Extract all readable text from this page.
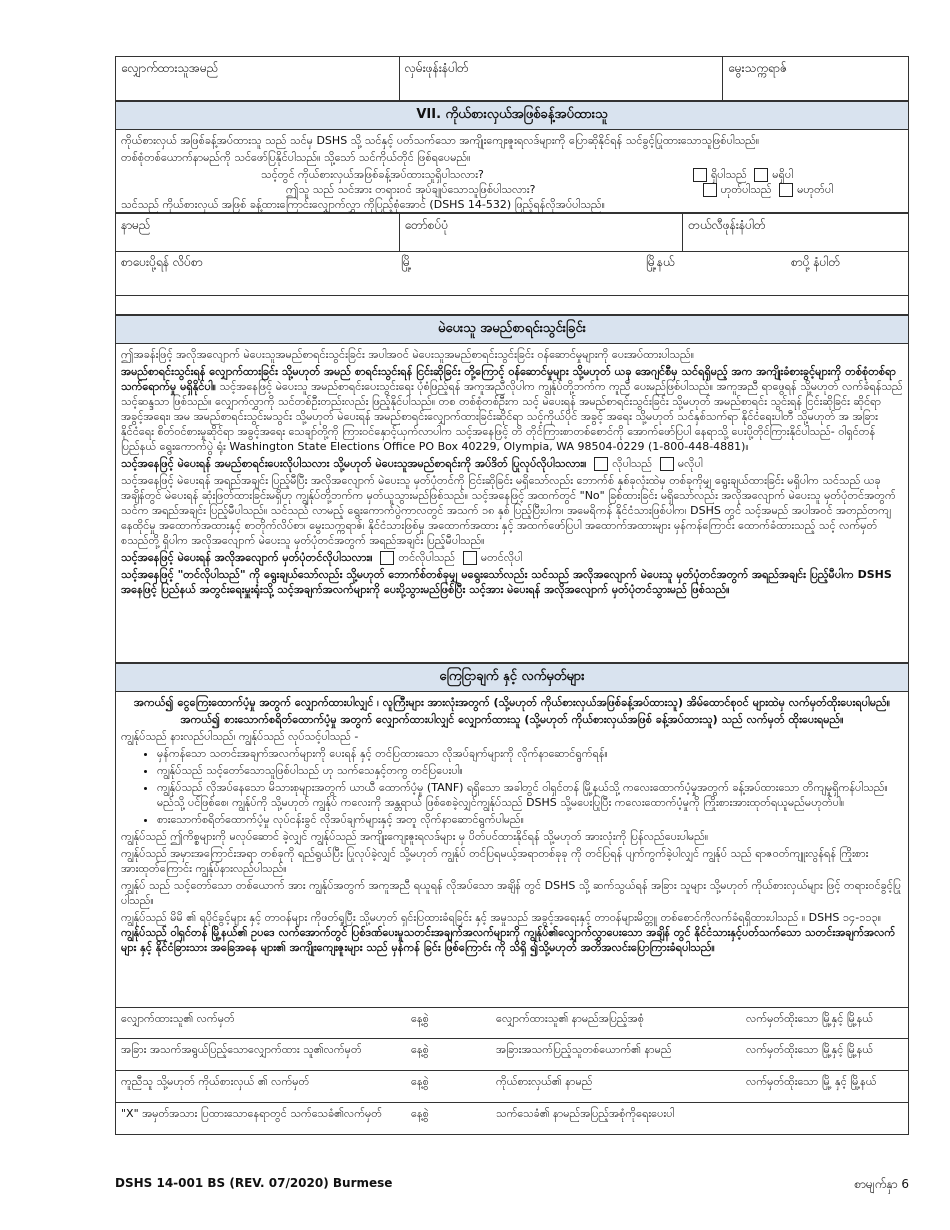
လျှောက်ထားသူအမည်	လှမ်းဖုန်းနံပါတ်	မွေးသက္ကရာဇ်
VII. ကိုယ်စားလှယ်အဖြစ်ခန့်အပ်ထားသူ

ကိုယ်စားလှယ် အဖြစ်ခန့်အပ်ထားသူ သည် သင်မှ DSHS သို့ သင်နှင့် ပတ်သက်သော အကျိုးကျေးဇူးရလဒ်များကို ပြောဆိုနိုင်ရန် သင်ခွင့်ပြုထားသောသူဖြစ်ပါသည်။

တစ်စုံတစ်ယောက်နာမည်ကို သင်ဖော်ပြနိုင်ပါသည်။ သို့သော် သင်ကိုယ်တိုင် ဖြစ်ရပေမည်။

သင့်တွင် ကိုယ်စားလှယ်အဖြစ်ခန့်အပ်ထားသူရှိပါသလား?	ရှိပါသည် မရှိပါ
ဤသူ သည် သင်အား တရားဝင် အုပ်ချုပ်သောသူဖြစ်ပါသလား?	ဟုတ်ပါသည် မဟုတ်ပါ

သင်သည် ကိုယ်စားလှယ် အဖြစ် ခန့်ထားကြောင်းလျှောက်လွှာ ကိုပြည့်စုံအောင် (DSHS 14-532) ဖြည့်ရန်လိုအပ်ပါသည်။

နာမည်	တော်စပ်ပုံ	တယ်လီဖုန်းနံပါတ်
စာပေးပို့ရန် လိပ်စာ	မြို့	မြို့နယ်	စာပို့ နံပါတ်
မဲပေးသူ အမည်စာရင်းသွင်းခြင်း

ဤအခန်းဖြင့် အလိုအလျောက် မဲပေးသူအမည်စာရင်းသွင်းခြင်း အပါအဝင် မဲပေးသူအမည်စာရင်းသွင်းခြင်း ဝန်ဆောင်မှုများကို ပေးအပ်ထားပါသည်။

အမည်စာရင်းသွင်းရန် လျှောက်ထားခြင်း သို့မဟုတ် အမည် စာရင်းသွင်းရန် ငြင်းဆိုခြင်း တို့ကြောင့် ဝန်ဆောင်မှုများ သို့မဟုတ် ယခု အေဂျင်စီမှ သင်ရရှိမည့် အက အကျိုးခံစားခွင့်များကို တစ်စုံတစ်ရာ သက်ရောက်မှု မရှိနိုင်ပါ။ သင့်အနေဖြင့် မဲပေးသူ အမည်စာရင်းပေးသွင်းရေး ပုံစံဖြည့်ရန် အကူအညီလိုပါက ကျွန်ုပ်တို့ဘက်က ကူညီ ပေးမည်ဖြစ်ပါသည်။ အကူအညီ ရာဖွေရန် သို့မဟုတ် လက်ခံရန်သည် သင့်ဆန္ဒသာ ဖြစ်သည်။ လျှောက်လွှာကို သင်တစ်ဦးတည်းလည်း ဖြည့်နိုင်ပါသည်။ တစ တစ်စုံတစ်ဦးက သင့် မဲပေးရန် အမည်စာရင်းသွင်းခြင်း သို့မဟုတ် အမည်စာရင်း သွင်းရန် ငြင်းဆိုခြင်း ဆိုင်ရာ အခွင့်အရေး၊ အမ အမည်စာရင်းသွင်းမသွင်း သို့မဟုတ် မဲပေးရန် အမည်စာရင်းလျှောက်ထားခြင်းဆိုင်ရာ သင့်ကိုယ်ပိုင် အခွင့် အရေး သို့မဟုတ် သင်နှစ်သက်ရာ နိုင်ငံရေးပါတီ သို့မဟုတ် အ အခြား နိုင်ငံရေး စိတ်ဝင်စားမှုဆိုင်ရာ အခွင့်အရေး သေချာ်တို့ကို ကြားဝင်နှောင့်ယှက်လာပါက သင့်အနေဖြင့် တိ တိုင်ကြားစာတစ်စောင်ကို အောက်ဖော်ပြပါ နေရာသို့ ပေးပို့တိုင်ကြားနိုင်ပါသည်- ဝါရှင်တန် ပြည်နယ် ရွေးကောက်ပွဲ ရုံး Washington State Elections Office PO Box 40229, Olympia, WA 98504-0229 (1-800-448-4881)။

သင့်အနေဖြင့် မဲပေးရန် အမည်စာရင်းပေးလိုပါသလား သို့မဟုတ် မဲပေးသူအမည်စာရင်းကို အပ်ဒိတ် ပြုလုပ်လိုပါသလား။ လိုပါသည် မလိုပါ

သင့်အနေဖြင့် မဲပေးရန် အရည်အချင်း ပြည့်မီပြီး အလိုအလျောက် မဲပေးသူ မှတ်ပုံတင်ကို ငြင်းဆိုခြင်း မရှိသော်လည်း ဘောက်စ် နှစ်ခုလုံးထဲမှ တစ်ခုကိုမျှ ရွေးချယ်ထားခြင်း မရှိပါက သင်သည် ယခုအချိန်တွင် မဲပေးရန် ဆုံးဖြတ်ထားခြင်းမရှိဟု ကျွန်ုပ်တို့ဘက်က မှတ်ယူသွားမည်ဖြစ်သည်။ သင့်အနေဖြင့် အထက်တွင် "No" ခြစ်ထားခြင်း မရှိသော်လည်း အလိုအလျောက် မဲပေးသူ မှတ်ပုံတင်အတွက် သင်က အရည်အချင်း ပြည့်မီပါသည်။ သင်သည် လာမည့် ရွေးကောက်ပွဲကာလတွင် အသက် ၁၈ နှစ် ပြည့်ပြီးပါက၊ အမေရိကန် နိုင်ငံသားဖြစ်ပါက၊ DSHS တွင် သင့်အမည် အပါအဝင် အတည်တကျနေထိုင်မှု အထောက်အထားနှင့် စာတိုက်လိပ်စာ၊ မွေးသက္ကရာဇ်၊ နိုင်ငံသားဖြစ်မှု အထောက်အထား နှင့် အထက်ဖော်ပြပါ အထောက်အထားများ မှန်ကန်ကြောင်း ထောက်ခံထားသည့် သင့် လက်မှတ် စသည်တို့ ရှိပါက အလိုအလျောက် မဲပေးသူ မှတ်ပုံတင်အတွက် အရည်အချင်း ပြည့်မီပါသည်။

သင့်အနေဖြင့် မဲပေးရန် အလိုအလျောက် မှတ်ပုံတင်လိုပါသလား။ တင်လိုပါသည် မတင်လိုပါ

သင့်အနေဖြင့် "တင်လိုပါသည်" ကို ရွေးချယ်သော်လည်း သို့မဟုတ် ဘောက်စ်တစ်ခုမျှ မရွေးသော်လည်း သင်သည် အလိုအလျောက် မဲပေးသူ မှတ်ပုံတင်အတွက် အရည်အချင်း ပြည့်မီပါက DSHS အနေဖြင့် ပြည်နယ် အတွင်းရေးမှူးရုံးသို့ သင့်အချက်အလက်များကို ပေးပို့သွားမည်ဖြစ်ပြီး သင့်အား မဲပေးရန် အလိုအလျောက် မှတ်ပုံတင်သွားမည် ဖြစ်သည်။

ကြေငြာချက် နှင့် လက်မှတ်များ

အကယ်၍ ငွေကြေးထောက်ပံ့မှု အတွက် လျှောက်ထားပါလျှင် ၊ လူကြီးများ အားလုံးအတွက် (သို့မဟုတ် ကိုယ်စားလှယ်အဖြစ်ခန့်အပ်ထားသူ) အိမ်ထောင်စုဝင် များထဲမှ လက်မှတ်ထိုးပေးရပါမည်။

အကယ်၍ စားသောက်စရိတ်ထောက်ပံ့မှု အတွက် လျှောက်ထားပါလျှင် လျှောက်ထားသူ (သို့မဟုတ် ကိုယ်စားလှယ်အဖြစ် ခန့်အပ်ထားသူ) သည် လက်မှတ် ထိုးပေးရမည်။

ကျွန်ုပ်သည် နားလည်ပါသည်၊ ကျွန်ုပ်သည် လုပ်သင့်ပါသည် -

• မှန်ကန်သော သတင်းအချက်အလက်များကို ပေးရန် နှင့် တင်ပြထားသော လိုအပ်ချက်များကို လိုက်နာဆောင်ရွက်ရန်။
• ကျွန်ုပ်သည် သင့်တော်သောသူဖြစ်ပါသည် ဟု သက်သေနှင့်တကွ တင်ပြပေးပါ။
• ကျွန်ုပ်သည် လိုအပ်နေသော မိသားစုများအတွက် ယာယီ ထောက်ပံ့မှု (TANF) ရရှိသော အခါတွင် ဝါရှင်တန် မြို့နယ်သို့ ကလေးထောက်ပံ့မှုအတွက် ခန့်အပ်ထားသော တိကျမှုရှိကန်ပါသည်။ မည်သို့ ပင်ဖြစ်စေ၊ ကျွန်ုပ်ကို သို့မဟုတ် ကျွန်ုပ် ကလေးကို အန္တရာယ် ဖြစ်စေခဲ့လျှင်ကျွန်ုပ်သည် DSHS သို့မပေးပြုပြီး ကလေးထောက်ပံ့မှုကို ကြိုးစားအားထုတ်ရယူမည်မဟုတ်ပါ။
• စားသောက်စရိတ်ထောက်ပံ့မှု လုပ်ငန်းခွင် လိုအပ်ချက်များနှင့် အတူ လိုက်နာဆောင်ရွက်ပါမည်။

ကျွန်ုပ်သည် ဤကိစ္စများကို မလုပ်ဆောင် ခဲ့လျှင် ကျွန်ုပ်သည် အကျိုးကျေးဇူးရလဒ်များ မှ ပိတ်ပင်ထားနိုင်ရန် သို့မဟုတ် အားလုံးကို ပြန်လည်ပေးပါမည်။

ကျွန်ုပ်သည် အမှားအကြောင်းအရာ တစ်ခုကို ရည်ရွယ်ပြီး ပြုလုပ်ခဲ့လျှင် သို့မဟုတ် ကျွန်ုပ် တင်ပြရမယ့်အရာတစ်ခုခု ကို တင်ပြရန် ပျက်ကွက်ခဲ့ပါလျှင် ကျွန်ုပ် သည် ရာဇဝတ်ကျူးလွန်ရန် ကြိုးစားအားထုတ်ကြောင်း ကျွန်ုပ်နားလည်ပါသည်။

ကျွန်ုပ် သည် သင့်တော်သော တစ်ယောက် အား ကျွန်ုပ်အတွက် အကူအညီ ရယူရန် လိုအပ်သော အချိန် တွင် DSHS သို့ ဆက်သွယ်ရန် အခြား သူများ သို့မဟုတ် ကိုယ်စားလှယ်များ ဖြင့် တရားဝင်ခွင့်ပြုပါသည်။

ကျွန်ုပ်သည် မိမိ ၏ ရပိုင်ခွင့်များ နှင့် တာဝန်များ ကိုဖတ်ရှုပြီး သို့မဟုတ် ရှင်းပြထားခံရခြင်း နှင့် အမှုသည် အခွင့်အရေးနှင့် တာဝန်များမိတ္တူ တစ်စောင်ကိုလက်ခံရရှိထားပါသည် ။ DSHS ၁၄-၁၁၃။ ကျွန်ုပ်သည် ဝါရှင်တန် မြို့နယ်၏ ဥပဒေ လက်အောက်တွင် ပြစ်ဒဏ်ပေးမှုသတင်းအချက်အလက်များကို ကျွန်ုပ်၏လျှောက်လွှာပေးသော အချိန် တွင် နိုင်ငံသားနှင့်ပတ်သက်သော သတင်းအချက်အလက်များ နှင့် နိုင်ငံခြားသား အခြေအနေ များ၏ အကျိုးကျေးဇူးများ သည် မှန်ကန် ခြင်း ဖြစ်ကြောင်း ကို သိရှိ ၍သို့မဟုတ် အတိအလင်းပြောကြားခံရပါသည်။

လျှောက်ထားသူ၏ လက်မှတ်	နေ့စွဲ	လျှောက်ထားသူ၏ နာမည်အပြည့်အစုံ	လက်မှတ်ထိုးသော မြို့နှင့် မြို့နယ်
အခြား အသက်အရွယ်ပြည့်သောလျှောက်ထား သူ၏လက်မှတ်	နေ့စွဲ	အခြားအသက်ပြည့်သူတစ်ယောက်၏ နာမည်	လက်မှတ်ထိုးသော မြို့နှင့် မြို့နယ်
ကူညီသူ သို့မဟုတ် ကိုယ်စားလှယ် ၏ လက်မှတ်	နေ့စွဲ	ကိုယ်စားလှယ်၏ နာမည်	လက်မှတ်ထိုးသော မြို့ နှင့် မြို့နယ်
"X" အမှတ်အသား ပြထားသောနေရာတွင် သက်သေခံ၏လက်မှတ်	နေ့စွဲ	သက်သေခံ၏ နာမည်အပြည့်အစုံကိုရေးပေးပါ
DSHS 14-001 BS (REV. 07/2020) Burmese	စာမျက်နှာ 6
